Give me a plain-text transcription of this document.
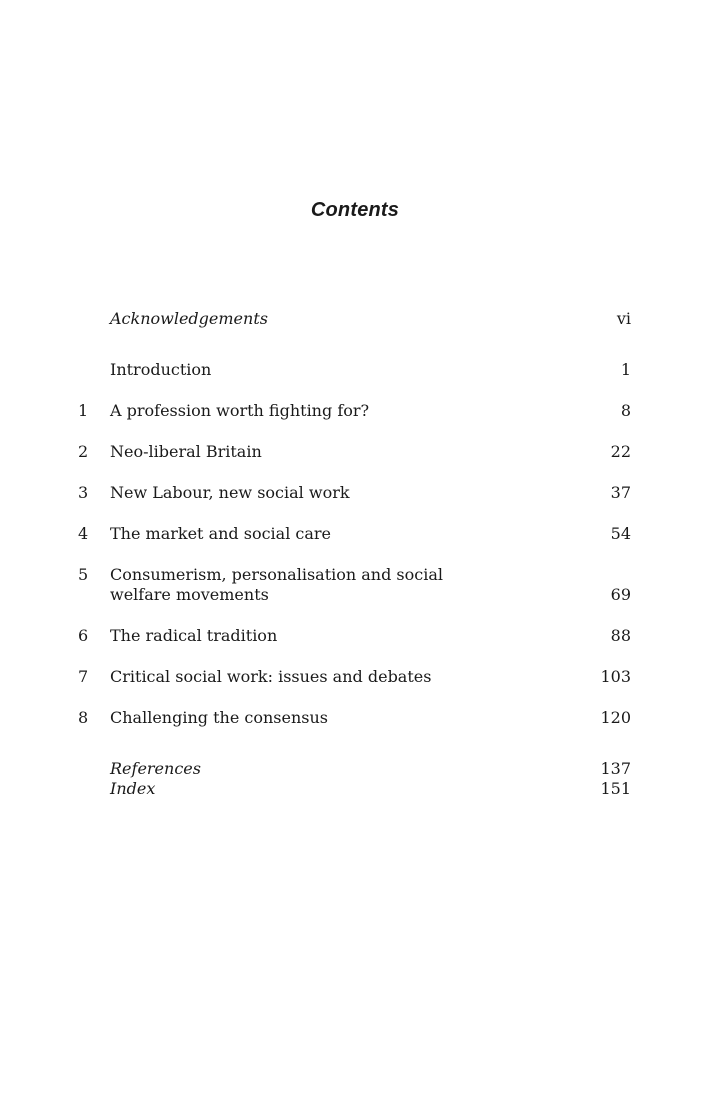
Contents
Acknowledgements	vi
Introduction	1
1 A profession worth fighting for?	8
2 Neo-liberal Britain	22
3 New Labour, new social work	37
4 The market and social care	54
5 Consumerism, personalisation and social
welfare movements	69
6 The radical tradition	88
7 Critical social work: issues and debates	103
8 Challenging the consensus	120
References	137
Index	151
